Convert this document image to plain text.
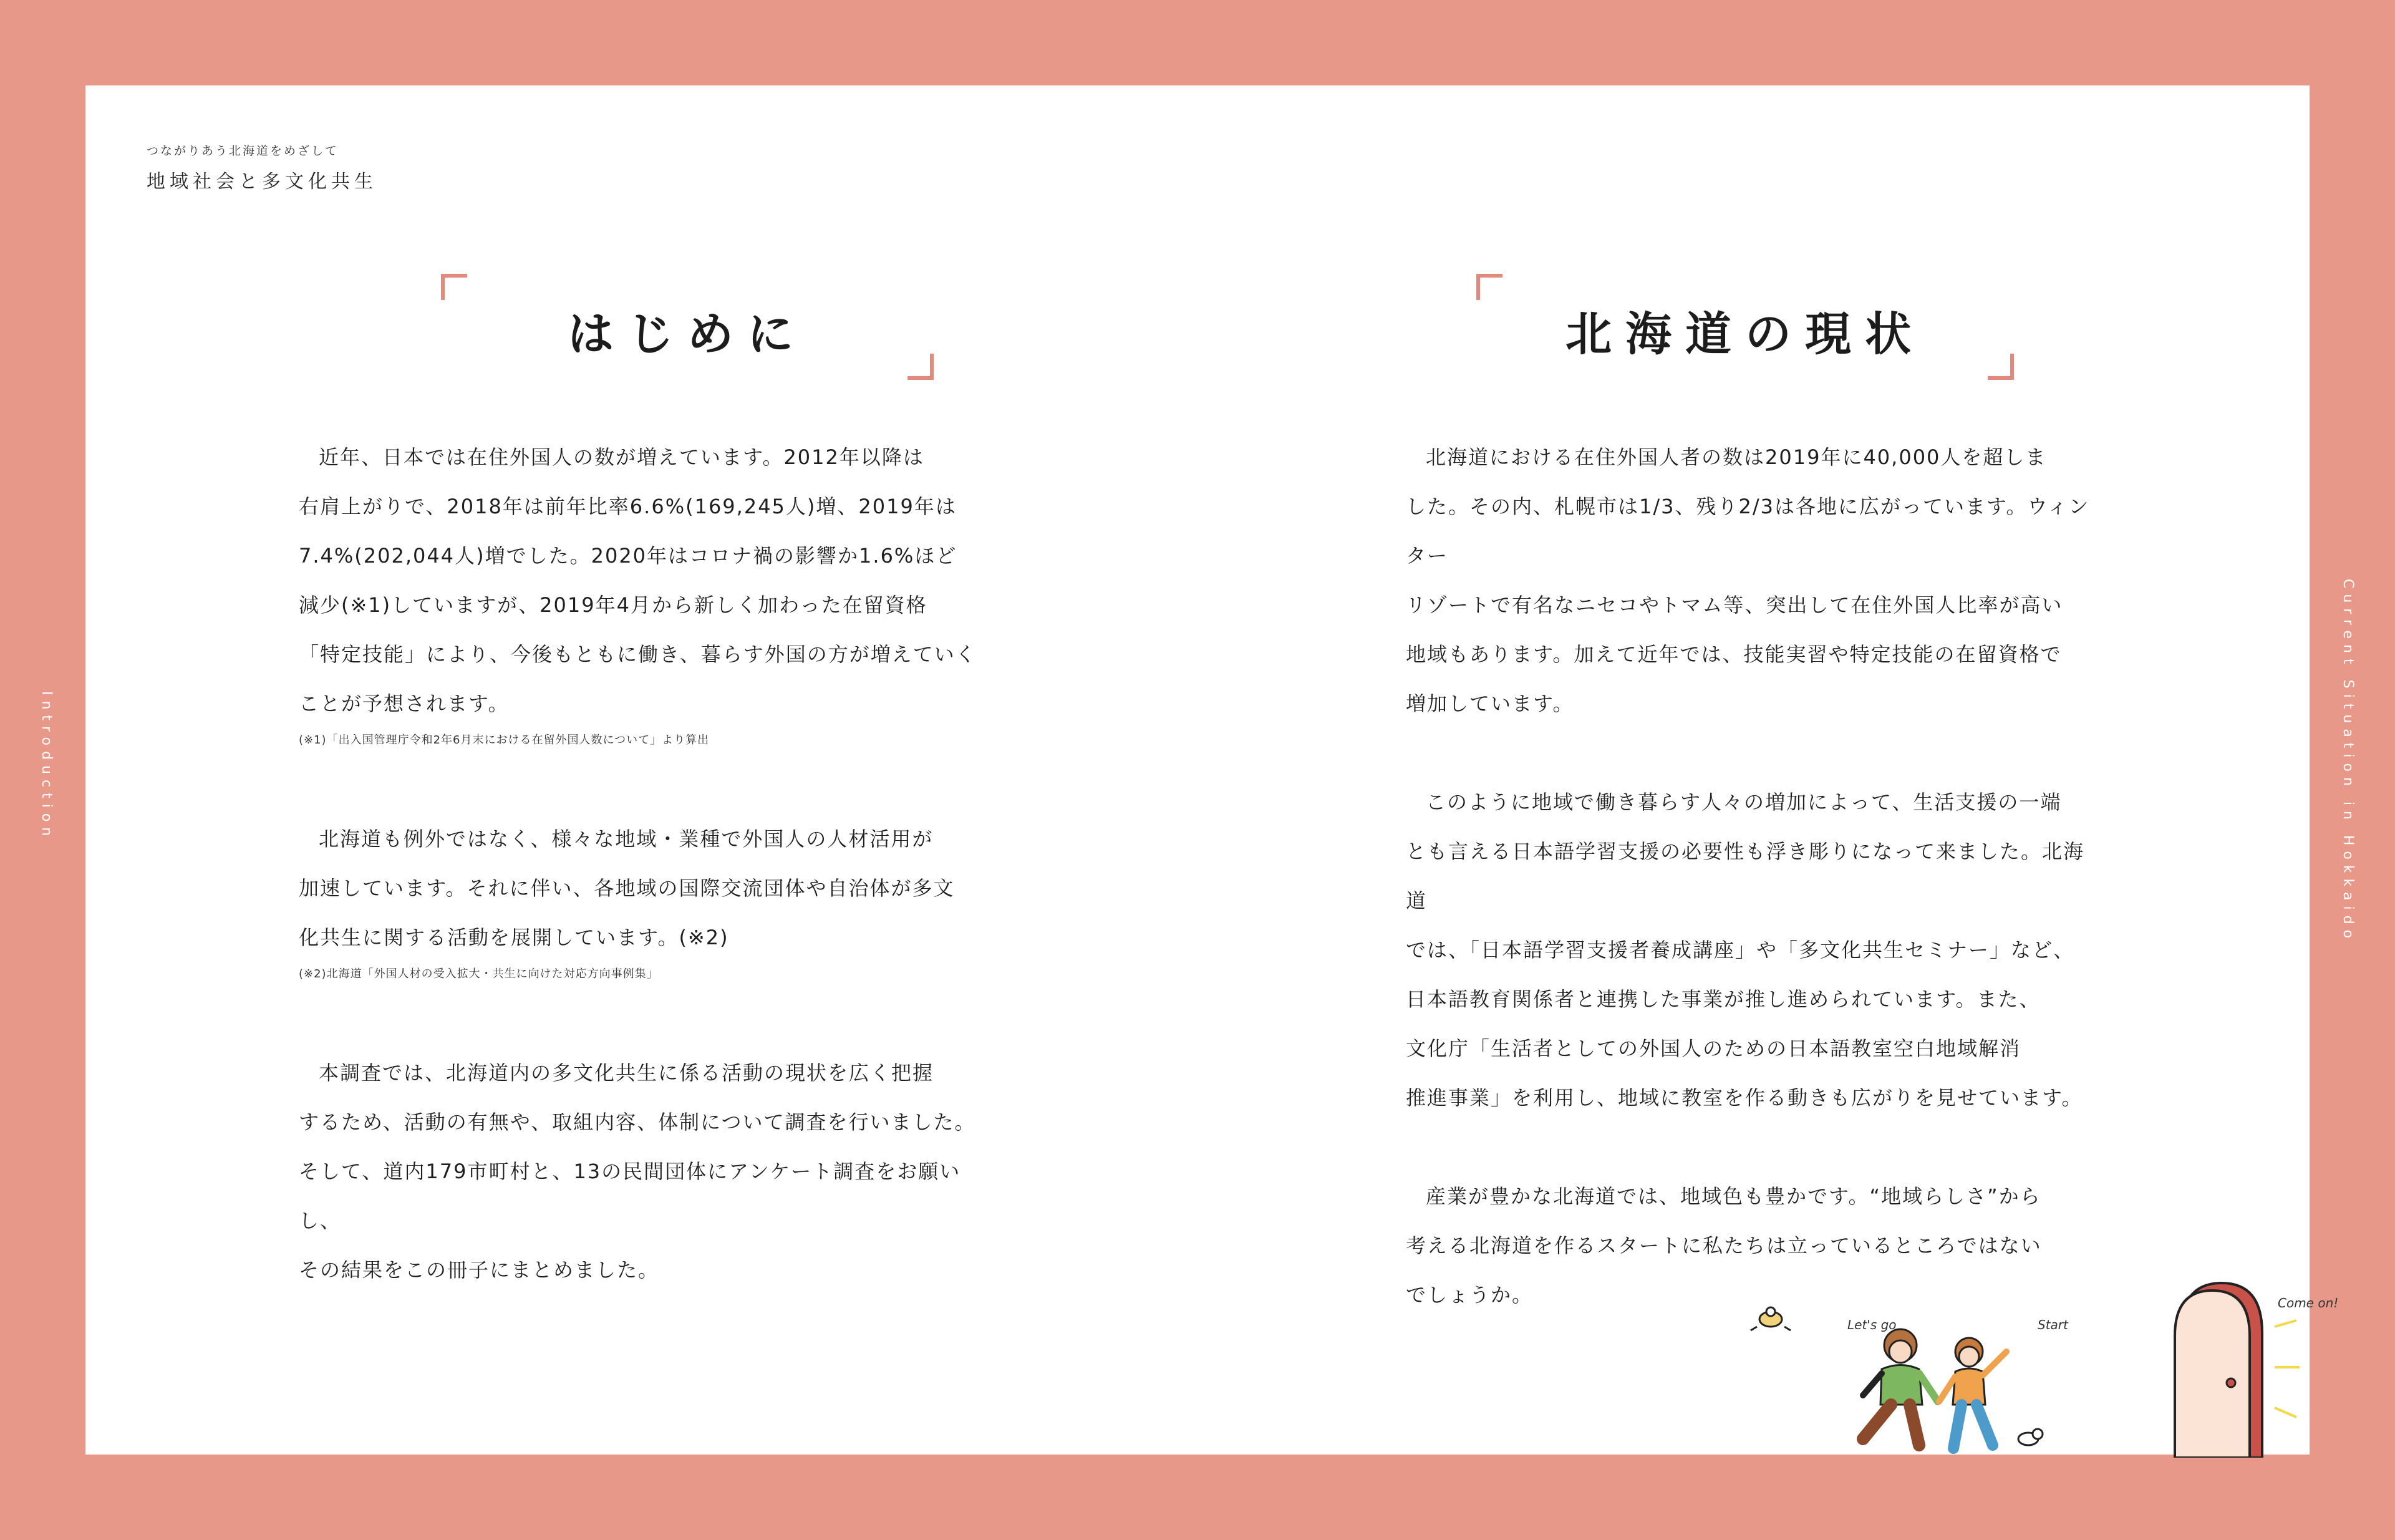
つながりあう北海道をめざして
地域社会と多文化共生
はじめに	北海道の現状

近年、日本では在住外国人の数が増えています。2012年以降は
右肩上がりで、2018年は前年比率6.6%(169,245人)増、2019年は
7.4%(202,044人)増でした。2020年はコロナ禍の影響か1.6%ほど
減少(※1)していますが、2019年4月から新しく加わった在留資格
「特定技能」により、今後もともに働き、暮らす外国の方が増えていく
ことが予想されます。

(※1)「出入国管理庁令和2年6月末における在留外国人数について」より算出

北海道も例外ではなく、様々な地域・業種で外国人の人材活用が
加速しています。それに伴い、各地域の国際交流団体や自治体が多文
化共生に関する活動を展開しています。(※2)

(※2)北海道「外国人材の受入拡大・共生に向けた対応方向事例集」

本調査では、北海道内の多文化共生に係る活動の現状を広く把握
するため、活動の有無や、取組内容、体制について調査を行いました。
そして、道内179市町村と、13の民間団体にアンケート調査をお願いし、
その結果をこの冊子にまとめました。

北海道における在住外国人者の数は2019年に40,000人を超しま
した。その内、札幌市は1/3、残り2/3は各地に広がっています。ウィンター
リゾートで有名なニセコやトマム等、突出して在住外国人比率が高い
地域もあります。加えて近年では、技能実習や特定技能の在留資格で
増加しています。

このように地域で働き暮らす人々の増加によって、生活支援の一端
とも言える日本語学習支援の必要性も浮き彫りになって来ました。北海道
では、「日本語学習支援者養成講座」や「多文化共生セミナー」など、
日本語教育関係者と連携した事業が推し進められています。また、
文化庁「生活者としての外国人のための日本語教室空白地域解消
推進事業」を利用し、地域に教室を作る動きも広がりを見せています。

産業が豊かな北海道では、地域色も豊かです。“地域らしさ”から
考える北海道を作るスタートに私たちは立っているところではない
でしょうか。

Let's go	Start
Come on!
Introduction	Current Situation in Hokkaido
